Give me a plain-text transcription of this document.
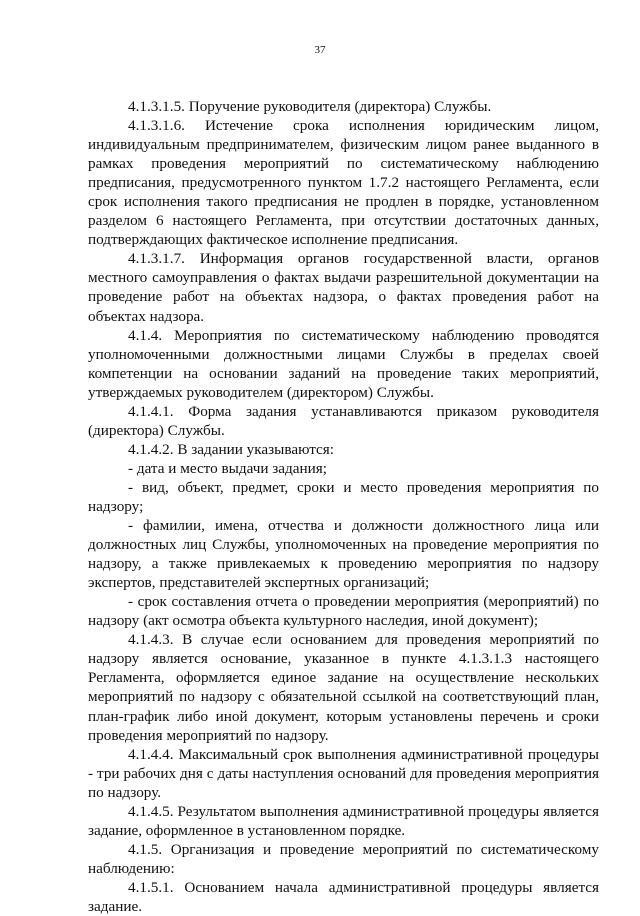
37

4.1.3.1.5. Поручение руководителя (директора) Службы.

4.1.3.1.6. Истечение срока исполнения юридическим лицом, индивидуальным предпринимателем, физическим лицом ранее выданного в рамках проведения мероприятий по систематическому наблюдению предписания, предусмотренного пунктом 1.7.2 настоящего Регламента, если срок исполнения такого предписания не продлен в порядке, установленном разделом 6 настоящего Регламента, при отсутствии достаточных данных, подтверждающих фактическое исполнение предписания.

4.1.3.1.7. Информация органов государственной власти, органов местного самоуправления о фактах выдачи разрешительной документации на проведение работ на объектах надзора, о фактах проведения работ на объектах надзора.

4.1.4. Мероприятия по систематическому наблюдению проводятся уполномоченными должностными лицами Службы в пределах своей компетенции на основании заданий на проведение таких мероприятий, утверждаемых руководителем (директором) Службы.

4.1.4.1. Форма задания устанавливаются приказом руководителя (директора) Службы.

4.1.4.2. В задании указываются:

- дата и место выдачи задания;

- вид, объект, предмет, сроки и место проведения мероприятия по надзору;

- фамилии, имена, отчества и должности должностного лица или должностных лиц Службы, уполномоченных на проведение мероприятия по надзору, а также привлекаемых к проведению мероприятия по надзору экспертов, представителей экспертных организаций;

- срок составления отчета о проведении мероприятия (мероприятий) по надзору (акт осмотра объекта культурного наследия, иной документ);

4.1.4.3. В случае если основанием для проведения мероприятий по надзору является основание, указанное в пункте 4.1.3.1.3 настоящего Регламента, оформляется единое задание на осуществление нескольких мероприятий по надзору с обязательной ссылкой на соответствующий план, план-график либо иной документ, которым установлены перечень и сроки проведения мероприятий по надзору.

4.1.4.4. Максимальный срок выполнения административной процедуры - три рабочих дня с даты наступления оснований для проведения мероприятия по надзору.

4.1.4.5. Результатом выполнения административной процедуры является задание, оформленное в установленном порядке.

4.1.5. Организация и проведение мероприятий по систематическому наблюдению:

4.1.5.1. Основанием начала административной процедуры является задание.
